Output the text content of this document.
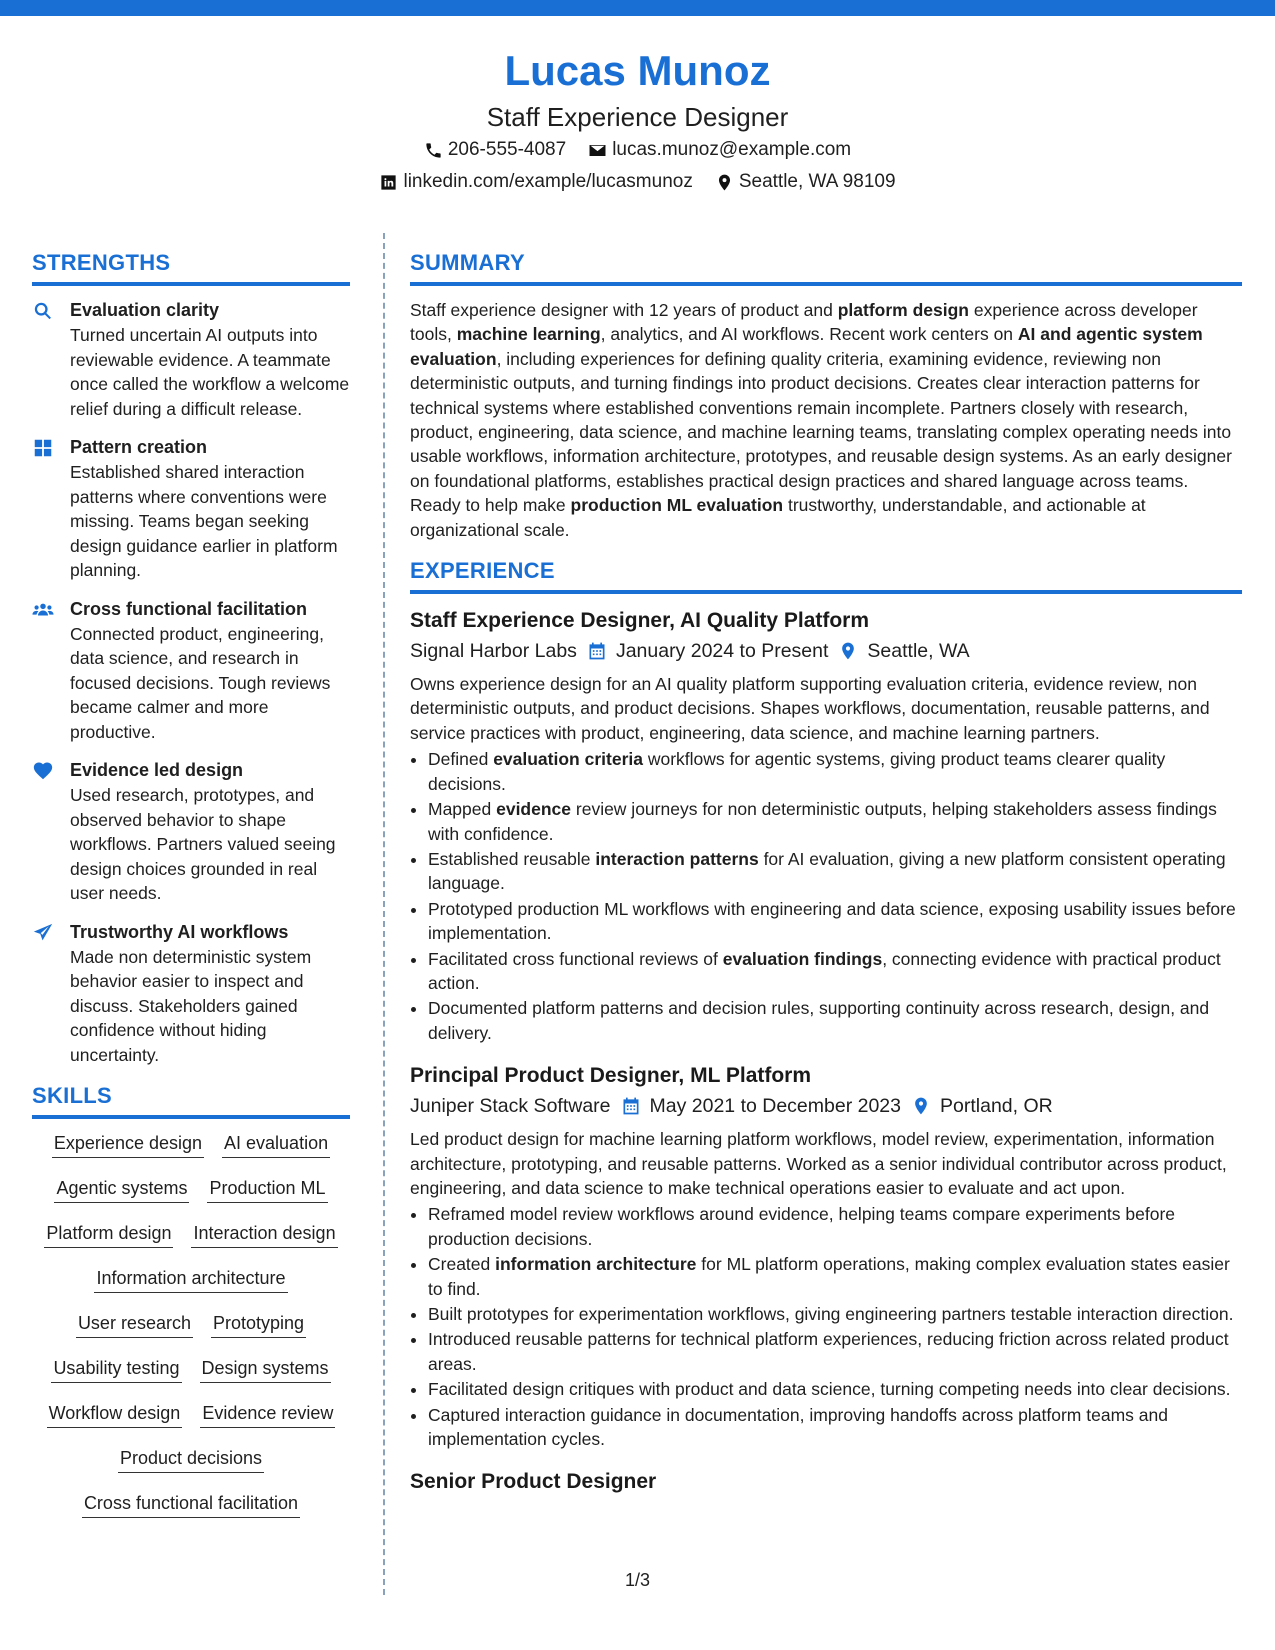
Lucas Munoz
Staff Experience Designer
206-555-4087 lucas.munoz@example.com
linkedin.com/example/lucasmunoz Seattle, WA 98109
STRENGTHS
Evaluation clarity
Turned uncertain AI outputs into reviewable evidence. A teammate once called the workflow a welcome relief during a difficult release.
Pattern creation
Established shared interaction patterns where conventions were missing. Teams began seeking design guidance earlier in platform planning.
Cross functional facilitation
Connected product, engineering, data science, and research in focused decisions. Tough reviews became calmer and more productive.
Evidence led design
Used research, prototypes, and observed behavior to shape workflows. Partners valued seeing design choices grounded in real user needs.
Trustworthy AI workflows
Made non deterministic system behavior easier to inspect and discuss. Stakeholders gained confidence without hiding uncertainty.
SKILLS
Experience design AI evaluation
Agentic systems Production ML
Platform design Interaction design
Information architecture
User research Prototyping
Usability testing Design systems
Workflow design Evidence review
Product decisions
Cross functional facilitation
SUMMARY

Staff experience designer with 12 years of product and platform design experience across developer tools, machine learning, analytics, and AI workflows. Recent work centers on AI and agentic system evaluation, including experiences for defining quality criteria, examining evidence, reviewing non deterministic outputs, and turning findings into product decisions. Creates clear interaction patterns for technical systems where established conventions remain incomplete. Partners closely with research, product, engineering, data science, and machine learning teams, translating complex operating needs into usable workflows, information architecture, prototypes, and reusable design systems. As an early designer on foundational platforms, establishes practical design practices and shared language across teams. Ready to help make production ML evaluation trustworthy, understandable, and actionable at organizational scale.

EXPERIENCE
Staff Experience Designer, AI Quality Platform
Signal Harbor Labs January 2024 to Present Seattle, WA
Owns experience design for an AI quality platform supporting evaluation criteria, evidence review, non deterministic outputs, and product decisions. Shapes workflows, documentation, reusable patterns, and service practices with product, engineering, data science, and machine learning partners.
• Defined evaluation criteria workflows for agentic systems, giving product teams clearer quality decisions.
• Mapped evidence review journeys for non deterministic outputs, helping stakeholders assess findings with confidence.
• Established reusable interaction patterns for AI evaluation, giving a new platform consistent operating language.
• Prototyped production ML workflows with engineering and data science, exposing usability issues before implementation.
• Facilitated cross functional reviews of evaluation findings, connecting evidence with practical product action.
• Documented platform patterns and decision rules, supporting continuity across research, design, and delivery.
Principal Product Designer, ML Platform
Juniper Stack Software May 2021 to December 2023 Portland, OR
Led product design for machine learning platform workflows, model review, experimentation, information architecture, prototyping, and reusable patterns. Worked as a senior individual contributor across product, engineering, and data science to make technical operations easier to evaluate and act upon.
• Reframed model review workflows around evidence, helping teams compare experiments before production decisions.
• Created information architecture for ML platform operations, making complex evaluation states easier to find.
• Built prototypes for experimentation workflows, giving engineering partners testable interaction direction.
• Introduced reusable patterns for technical platform experiences, reducing friction across related product areas.
• Facilitated design critiques with product and data science, turning competing needs into clear decisions.
• Captured interaction guidance in documentation, improving handoffs across platform teams and implementation cycles.
Senior Product Designer
1/3
